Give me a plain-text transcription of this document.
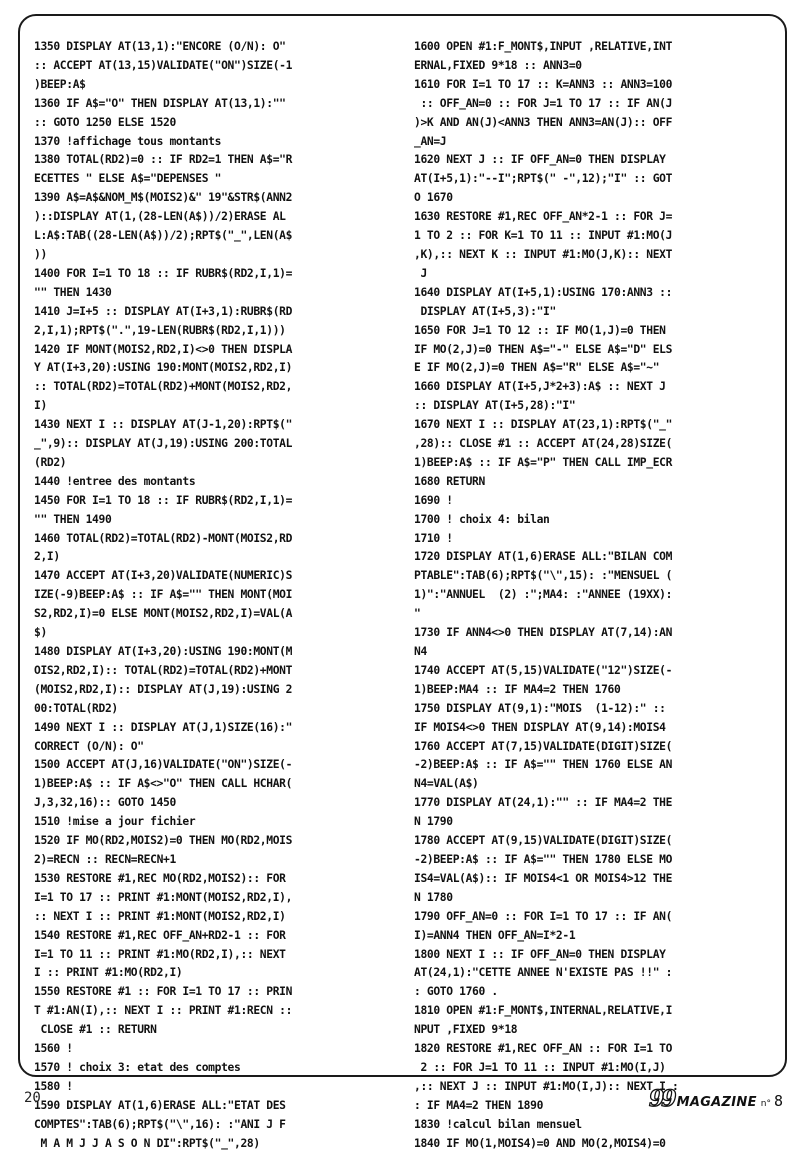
1350 DISPLAY AT(13,1):"ENCORE (O/N): O"
:: ACCEPT AT(13,15)VALIDATE("ON")SIZE(-1
)BEEP:A$
1360 IF A$="O" THEN DISPLAY AT(13,1):""
:: GOTO 1250 ELSE 1520
1370 !affichage tous montants
1380 TOTAL(RD2)=0 :: IF RD2=1 THEN A$="R
ECETTES " ELSE A$="DEPENSES "
1390 A$=A$&NOM_M$(MOIS2)&" 19"&STR$(ANN2
)::DISPLAY AT(1,(28-LEN(A$))/2)ERASE AL
L:A$:TAB((28-LEN(A$))/2);RPT$("_",LEN(A$
))
1400 FOR I=1 TO 18 :: IF RUBR$(RD2,I,1)=
"" THEN 1430
1410 J=I+5 :: DISPLAY AT(I+3,1):RUBR$(RD
2,I,1);RPT$(".",19-LEN(RUBR$(RD2,I,1)))
1420 IF MONT(MOIS2,RD2,I)<>0 THEN DISPLA
Y AT(I+3,20):USING 190:MONT(MOIS2,RD2,I)
:: TOTAL(RD2)=TOTAL(RD2)+MONT(MOIS2,RD2,
I)
1430 NEXT I :: DISPLAY AT(J-1,20):RPT$("
_",9):: DISPLAY AT(J,19):USING 200:TOTAL
(RD2)
1440 !entree des montants
1450 FOR I=1 TO 18 :: IF RUBR$(RD2,I,1)=
"" THEN 1490
1460 TOTAL(RD2)=TOTAL(RD2)-MONT(MOIS2,RD
2,I)
1470 ACCEPT AT(I+3,20)VALIDATE(NUMERIC)S
IZE(-9)BEEP:A$ :: IF A$="" THEN MONT(MOI
S2,RD2,I)=0 ELSE MONT(MOIS2,RD2,I)=VAL(A
$)
1480 DISPLAY AT(I+3,20):USING 190:MONT(M
OIS2,RD2,I):: TOTAL(RD2)=TOTAL(RD2)+MONT
(MOIS2,RD2,I):: DISPLAY AT(J,19):USING 2
00:TOTAL(RD2)
1490 NEXT I :: DISPLAY AT(J,1)SIZE(16):"
CORRECT (O/N): O"
1500 ACCEPT AT(J,16)VALIDATE("ON")SIZE(-
1)BEEP:A$ :: IF A$<>"O" THEN CALL HCHAR(
J,3,32,16):: GOTO 1450
1510 !mise a jour fichier
1520 IF MO(RD2,MOIS2)=0 THEN MO(RD2,MOIS
2)=RECN :: RECN=RECN+1
1530 RESTORE #1,REC MO(RD2,MOIS2):: FOR
I=1 TO 17 :: PRINT #1:MONT(MOIS2,RD2,I),
:: NEXT I :: PRINT #1:MONT(MOIS2,RD2,I)
1540 RESTORE #1,REC OFF_AN+RD2-1 :: FOR
I=1 TO 11 :: PRINT #1:MO(RD2,I),:: NEXT
I :: PRINT #1:MO(RD2,I)
1550 RESTORE #1 :: FOR I=1 TO 17 :: PRIN
T #1:AN(I),:: NEXT I :: PRINT #1:RECN ::
CLOSE #1 :: RETURN
1560 !
1570 ! choix 3: etat des comptes
1580 !
1590 DISPLAY AT(1,6)ERASE ALL:"ETAT DES
COMPTES":TAB(6);RPT$("\",16): :"ANI J F
M A M J J A S O N DI":RPT$("_",28)
1600 OPEN #1:F_MONT$,INPUT ,RELATIVE,INT
ERNAL,FIXED 9*18 :: ANN3=0
1610 FOR I=1 TO 17 :: K=ANN3 :: ANN3=100
:: OFF_AN=0 :: FOR J=1 TO 17 :: IF AN(J
)>K AND AN(J)<ANN3 THEN ANN3=AN(J):: OFF
_AN=J
1620 NEXT J :: IF OFF_AN=0 THEN DISPLAY
AT(I+5,1):"--I";RPT$(" -",12);"I" :: GOT
O 1670
1630 RESTORE #1,REC OFF_AN*2-1 :: FOR J=
1 TO 2 :: FOR K=1 TO 11 :: INPUT #1:MO(J
,K),:: NEXT K :: INPUT #1:MO(J,K):: NEXT
J
1640 DISPLAY AT(I+5,1):USING 170:ANN3 ::
DISPLAY AT(I+5,3):"I"
1650 FOR J=1 TO 12 :: IF MO(1,J)=0 THEN
IF MO(2,J)=0 THEN A$="-" ELSE A$="D" ELS
E IF MO(2,J)=0 THEN A$="R" ELSE A$="~"
1660 DISPLAY AT(I+5,J*2+3):A$ :: NEXT J
:: DISPLAY AT(I+5,28):"I"
1670 NEXT I :: DISPLAY AT(23,1):RPT$("_"
,28):: CLOSE #1 :: ACCEPT AT(24,28)SIZE(
1)BEEP:A$ :: IF A$="P" THEN CALL IMP_ECR
1680 RETURN
1690 !
1700 ! choix 4: bilan
1710 !
1720 DISPLAY AT(1,6)ERASE ALL:"BILAN COM
PTABLE":TAB(6);RPT$("\",15): :"MENSUEL (
1)":"ANNUEL  (2) :";MA4: :"ANNEE (19XX):
"
1730 IF ANN4<>0 THEN DISPLAY AT(7,14):AN
N4
1740 ACCEPT AT(5,15)VALIDATE("12")SIZE(-
1)BEEP:MA4 :: IF MA4=2 THEN 1760
1750 DISPLAY AT(9,1):"MOIS  (1-12):" ::
IF MOIS4<>0 THEN DISPLAY AT(9,14):MOIS4
1760 ACCEPT AT(7,15)VALIDATE(DIGIT)SIZE(
-2)BEEP:A$ :: IF A$="" THEN 1760 ELSE AN
N4=VAL(A$)
1770 DISPLAY AT(24,1):"" :: IF MA4=2 THE
N 1790
1780 ACCEPT AT(9,15)VALIDATE(DIGIT)SIZE(
-2)BEEP:A$ :: IF A$="" THEN 1780 ELSE MO
IS4=VAL(A$):: IF MOIS4<1 OR MOIS4>12 THE
N 1780
1790 OFF_AN=0 :: FOR I=1 TO 17 :: IF AN(
I)=ANN4 THEN OFF_AN=I*2-1
1800 NEXT I :: IF OFF_AN=0 THEN DISPLAY
AT(24,1):"CETTE ANNEE N'EXISTE PAS !!" :
: GOTO 1760 .
1810 OPEN #1:F_MONT$,INTERNAL,RELATIVE,I
NPUT ,FIXED 9*18
1820 RESTORE #1,REC OFF_AN :: FOR I=1 TO
2 :: FOR J=1 TO 11 :: INPUT #1:MO(I,J)
,:: NEXT J :: INPUT #1:MO(I,J):: NEXT I :
: IF MA4=2 THEN 1890
1830 !calcul bilan mensuel
1840 IF MO(1,MOIS4)=0 AND MO(2,MOIS4)=0
20	99 MAGAZINE n° 8
